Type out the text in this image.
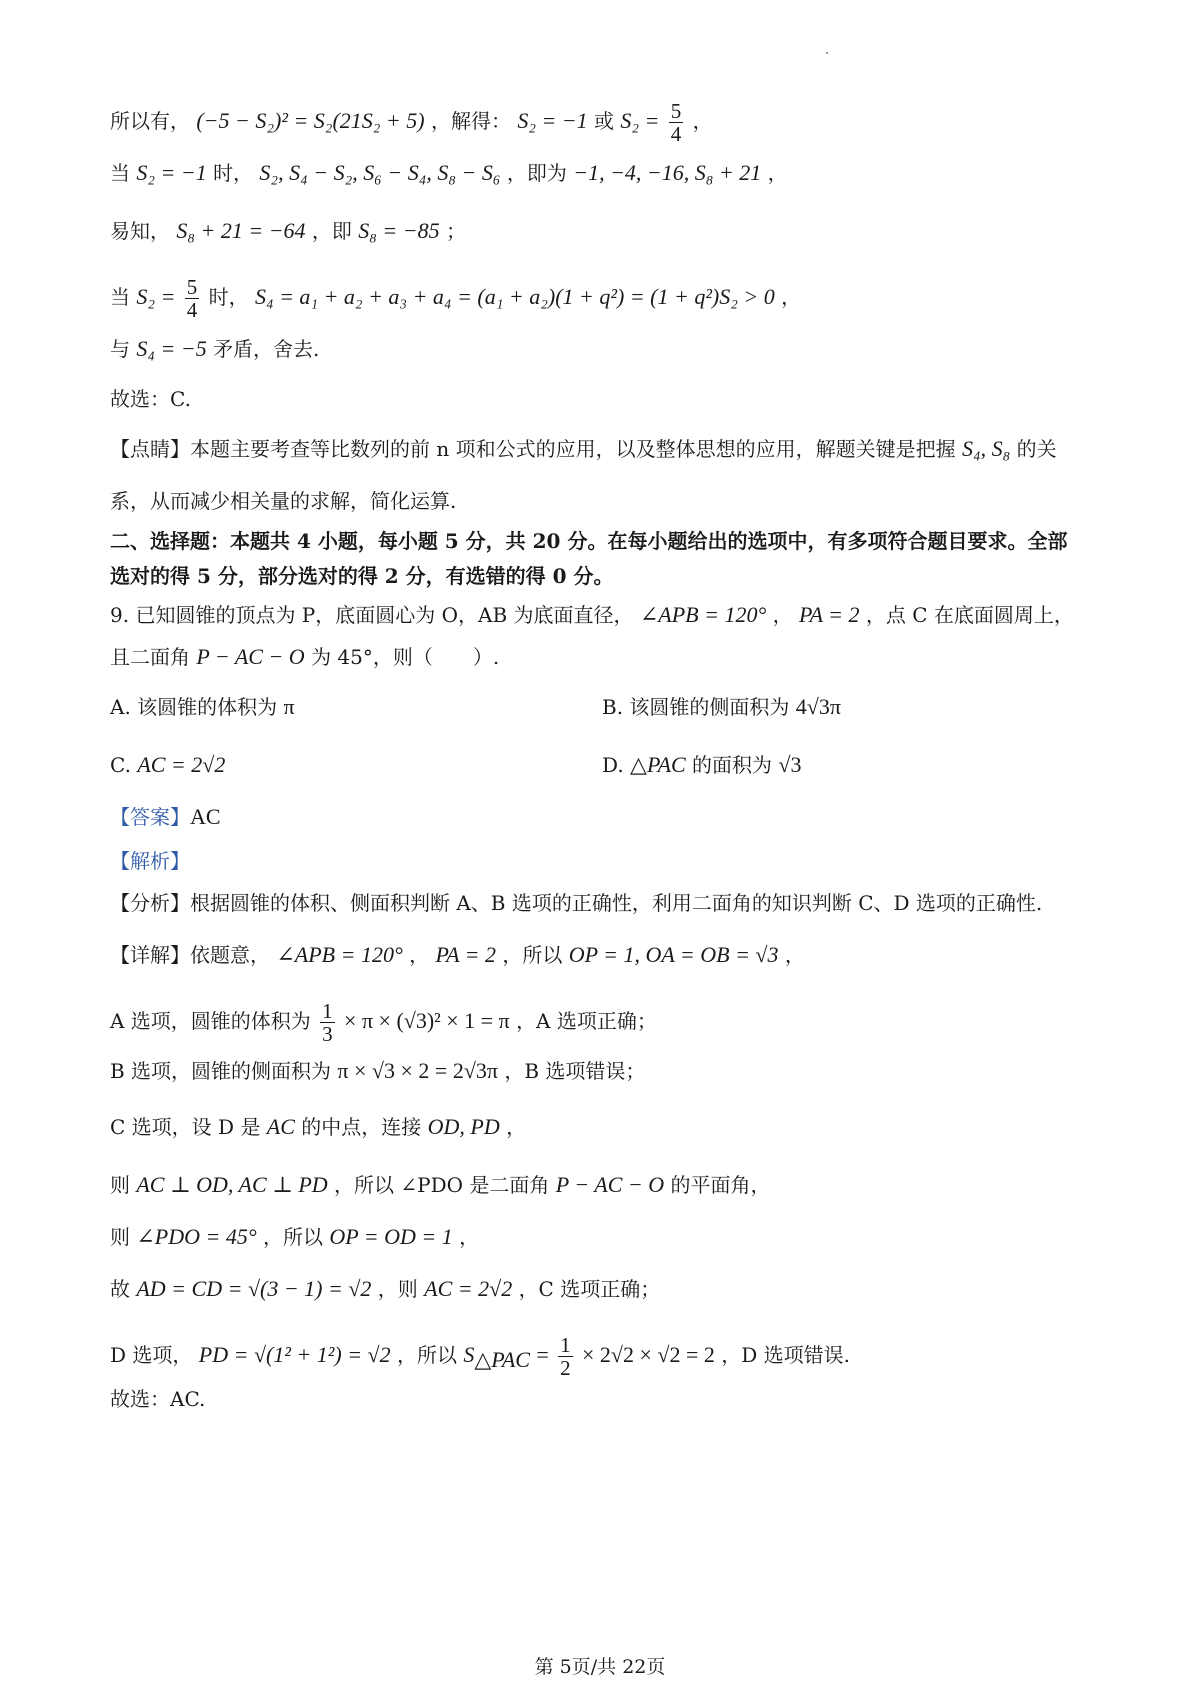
所以有， (−5 − S₂)² = S₂(21S₂ + 5) ，解得： S₂ = −1 或 $S_2 = \frac{5}{4}$ ，
当 S₂ = −1 时， S₂, S₄ − S₂, S₆ − S₄, S₈ − S₆ ，即为 −1, −4, −16, S₈ + 21 ，
易知， S₈ + 21 = −64 ，即 S₈ = −85 ；
当 $S_2 = \frac{5}{4}$ 时， S₄ = a₁ + a₂ + a₃ + a₄ = (a₁ + a₂)(1 + q²) = (1 + q²)S₂ > 0 ，
与 S₄ = −5 矛盾，舍去.
故选：C.
【点睛】本题主要考查等比数列的前 n 项和公式的应用，以及整体思想的应用，解题关键是把握 S₄, S₈ 的关
系，从而减少相关量的求解，简化运算.
二、选择题：本题共 4 小题，每小题 5 分，共 20 分。在每小题给出的选项中，有多项符合题目要求。全部
选对的得 5 分，部分选对的得 2 分，有选错的得 0 分。
9. 已知圆锥的顶点为 P，底面圆心为 O，AB 为底面直径， ∠APB = 120° ， PA = 2 ，点 C 在底面圆周上，
且二面角 P − AC − O 为 45°，则（　　）.
A. 该圆锥的体积为 π	B. 该圆锥的侧面积为 4√3π
C. AC = 2√2	D. △PAC 的面积为 √3
【答案】AC
【解析】
【分析】根据圆锥的体积、侧面积判断 A、B 选项的正确性，利用二面角的知识判断 C、D 选项的正确性.
【详解】依题意， ∠APB = 120° ， PA = 2 ，所以 OP = 1, OA = OB = √3 ，
A 选项，圆锥的体积为 $\frac{1}{3} \times \pi \times (√3)^2 \times 1 = \pi$ ，A 选项正确；
B 选项，圆锥的侧面积为 π × √3 × 2 = 2√3π ，B 选项错误；
C 选项，设 D 是 AC 的中点，连接 OD, PD ，
则 AC ⊥ OD, AC ⊥ PD ，所以 ∠PDO 是二面角 P − AC − O 的平面角，
则 ∠PDO = 45° ，所以 OP = OD = 1 ，
故 AD = CD = √(3 − 1) = √2 ，则 AC = 2√2 ，C 选项正确；
D 选项， PD = √(1² + 1²) = √2 ，所以 $S_{\triangle PAC} = \frac{1}{2} \times 2√2 \times √2 = 2$ ，D 选项错误.
故选：AC.
第 5页/共 22页
